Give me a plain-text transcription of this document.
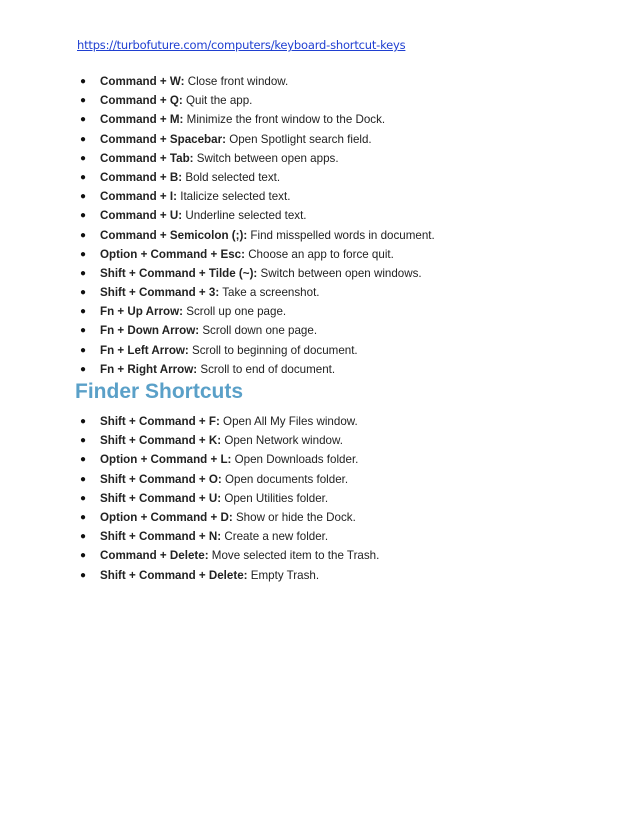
https://turbofuture.com/computers/keyboard-shortcut-keys
● Command + W: Close front window.
● Command + Q: Quit the app.
● Command + M: Minimize the front window to the Dock.
● Command + Spacebar: Open Spotlight search field.
● Command + Tab: Switch between open apps.
● Command + B: Bold selected text.
● Command + I: Italicize selected text.
● Command + U: Underline selected text.
● Command + Semicolon (;): Find misspelled words in document.
● Option + Command + Esc: Choose an app to force quit.
● Shift + Command + Tilde (~): Switch between open windows.
● Shift + Command + 3: Take a screenshot.
● Fn + Up Arrow: Scroll up one page.
● Fn + Down Arrow: Scroll down one page.
● Fn + Left Arrow: Scroll to beginning of document.
● Fn + Right Arrow: Scroll to end of document.
Finder Shortcuts
● Shift + Command + F: Open All My Files window.
● Shift + Command + K: Open Network window.
● Option + Command + L: Open Downloads folder.
● Shift + Command + O: Open documents folder.
● Shift + Command + U: Open Utilities folder.
● Option + Command + D: Show or hide the Dock.
● Shift + Command + N: Create a new folder.
● Command + Delete: Move selected item to the Trash.
● Shift + Command + Delete: Empty Trash.
